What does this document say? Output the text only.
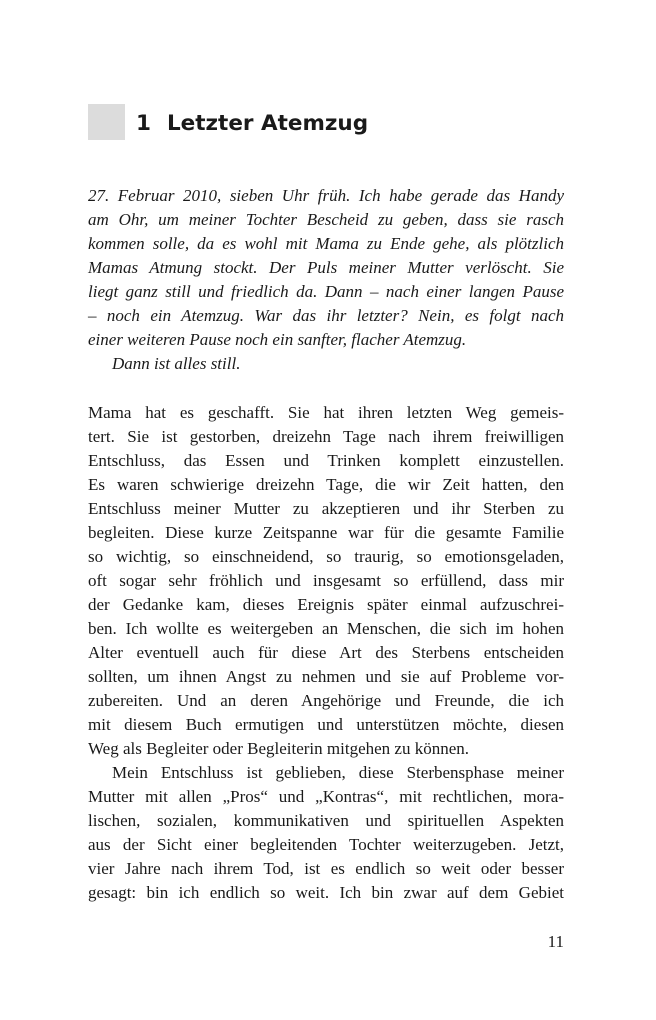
1 Letzter Atemzug
27. Februar 2010, sieben Uhr früh. Ich habe gerade das Handy
am Ohr, um meiner Tochter Bescheid zu geben, dass sie rasch
kommen solle, da es wohl mit Mama zu Ende gehe, als plötzlich
Mamas Atmung stockt. Der Puls meiner Mutter verlöscht. Sie
liegt ganz still und friedlich da. Dann – nach einer langen Pause
– noch ein Atemzug. War das ihr letzter? Nein, es folgt nach
einer weiteren Pause noch ein sanfter, flacher Atemzug.
Dann ist alles still.
Mama hat es geschafft. Sie hat ihren letzten Weg gemeis-
tert. Sie ist gestorben, dreizehn Tage nach ihrem freiwilligen
Entschluss, das Essen und Trinken komplett einzustellen.
Es waren schwierige dreizehn Tage, die wir Zeit hatten, den
Entschluss meiner Mutter zu akzeptieren und ihr Sterben zu
begleiten. Diese kurze Zeitspanne war für die gesamte Familie
so wichtig, so einschneidend, so traurig, so emotionsgeladen,
oft sogar sehr fröhlich und insgesamt so erfüllend, dass mir
der Gedanke kam, dieses Ereignis später einmal aufzuschrei-
ben. Ich wollte es weitergeben an Menschen, die sich im hohen
Alter eventuell auch für diese Art des Sterbens entscheiden
sollten, um ihnen Angst zu nehmen und sie auf Probleme vor-
zubereiten. Und an deren Angehörige und Freunde, die ich
mit diesem Buch ermutigen und unterstützen möchte, diesen
Weg als Begleiter oder Begleiterin mitgehen zu können.
Mein Entschluss ist geblieben, diese Sterbensphase meiner
Mutter mit allen „Pros“ und „Kontras“, mit rechtlichen, mora-
lischen, sozialen, kommunikativen und spirituellen Aspekten
aus der Sicht einer begleitenden Tochter weiterzugeben. Jetzt,
vier Jahre nach ihrem Tod, ist es endlich so weit oder besser
gesagt: bin ich endlich so weit. Ich bin zwar auf dem Gebiet
11
